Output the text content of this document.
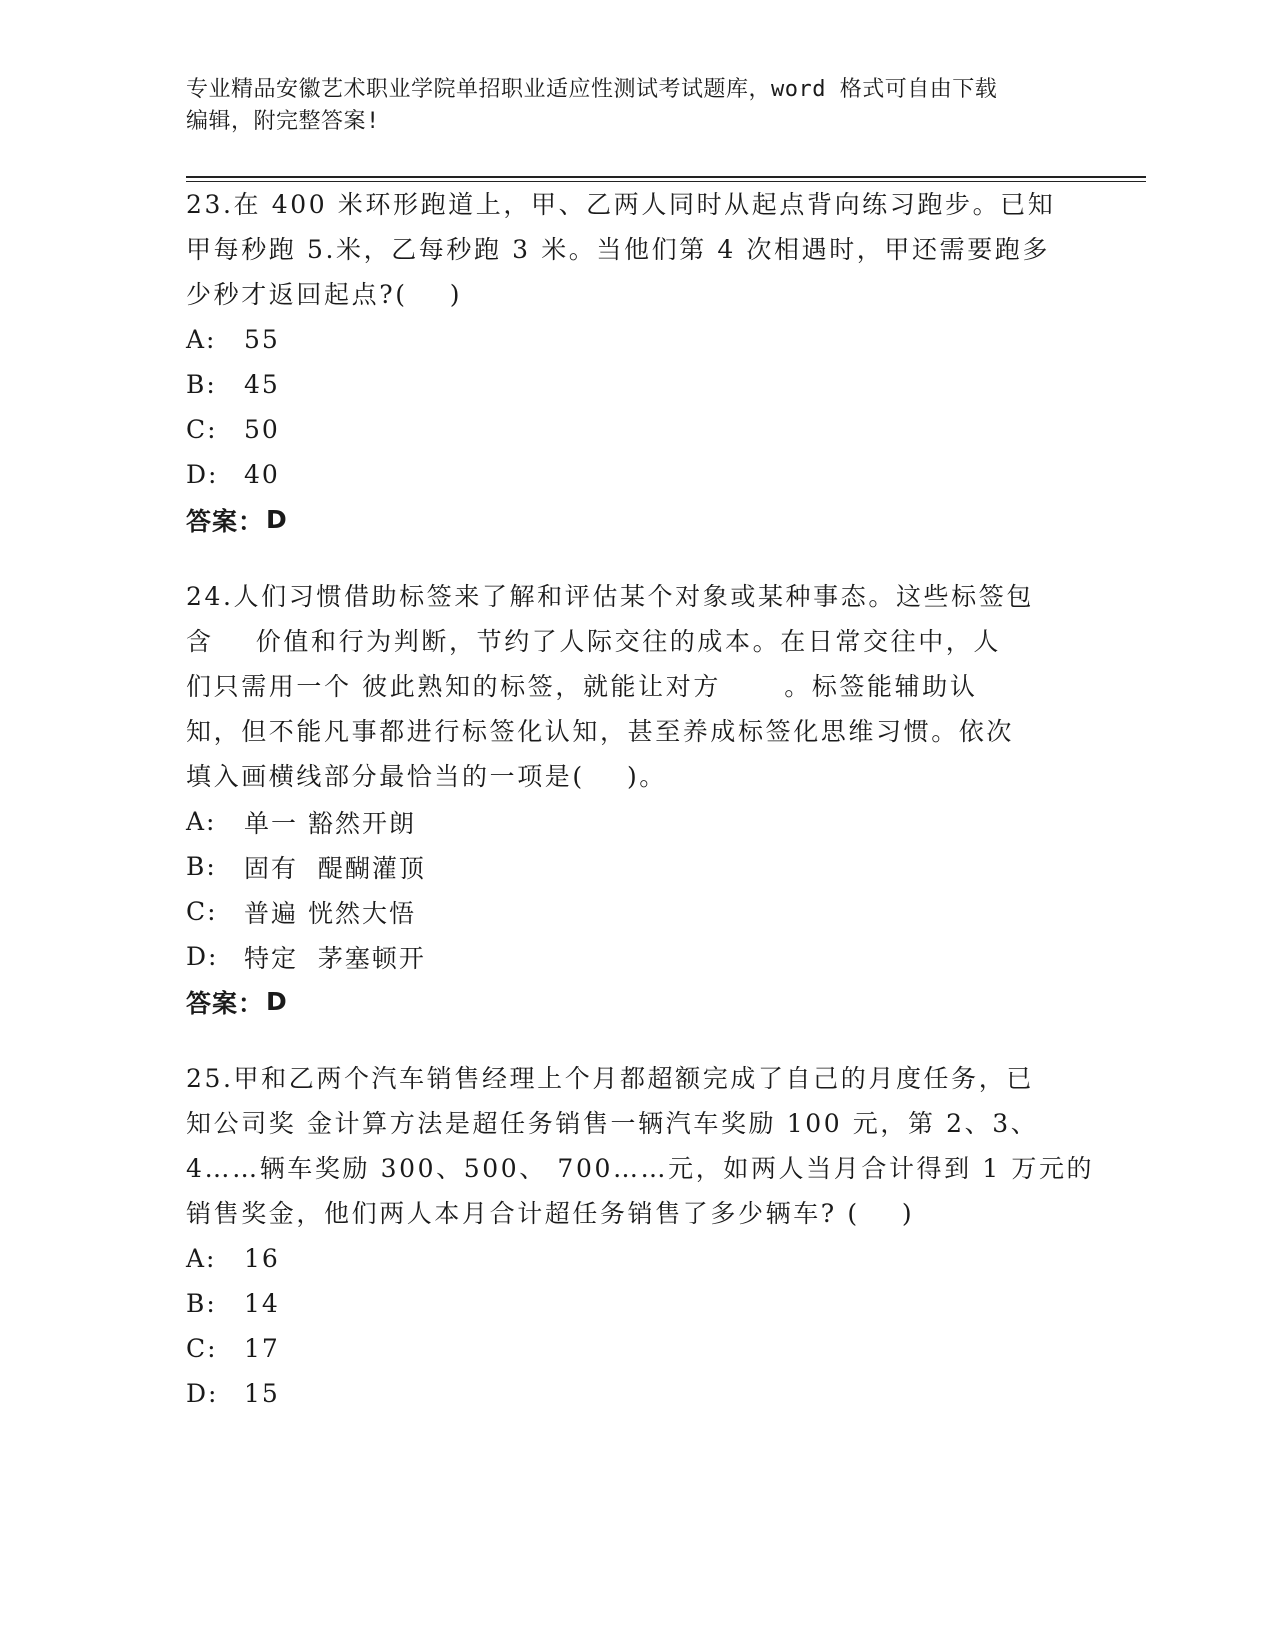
专业精品安徽艺术职业学院单招职业适应性测试考试题库，word 格式可自由下载

编辑，附完整答案!

23.在 400 米环形跑道上，甲、乙两人同时从起点背向练习跑步。已知

甲每秒跑 5.米，乙每秒跑 3 米。当他们第 4 次相遇时，甲还需要跑多

少秒才返回起点?(    )

A:	55
B:	45
C:	50
D:	40
答案： D

24.人们习惯借助标签来了解和评估某个对象或某种事态。这些标签包

含    价值和行为判断，节约了人际交往的成本。在日常交往中，人

们只需用一个 彼此熟知的标签，就能让对方      。标签能辅助认

知，但不能凡事都进行标签化认知，甚至养成标签化思维习惯。依次

填入画横线部分最恰当的一项是(    )。

A:	单一 豁然开朗
B:	固有  醍醐灌顶
C:	普遍 恍然大悟
D:	特定  茅塞顿开
答案： D

25.甲和乙两个汽车销售经理上个月都超额完成了自己的月度任务，已

知公司奖 金计算方法是超任务销售一辆汽车奖励 100 元，第 2、3、

4……辆车奖励 300、500、 700……元，如两人当月合计得到 1 万元的

销售奖金，他们两人本月合计超任务销售了多少辆车? (    )

A:	16
B:	14
C:	17
D:	15
